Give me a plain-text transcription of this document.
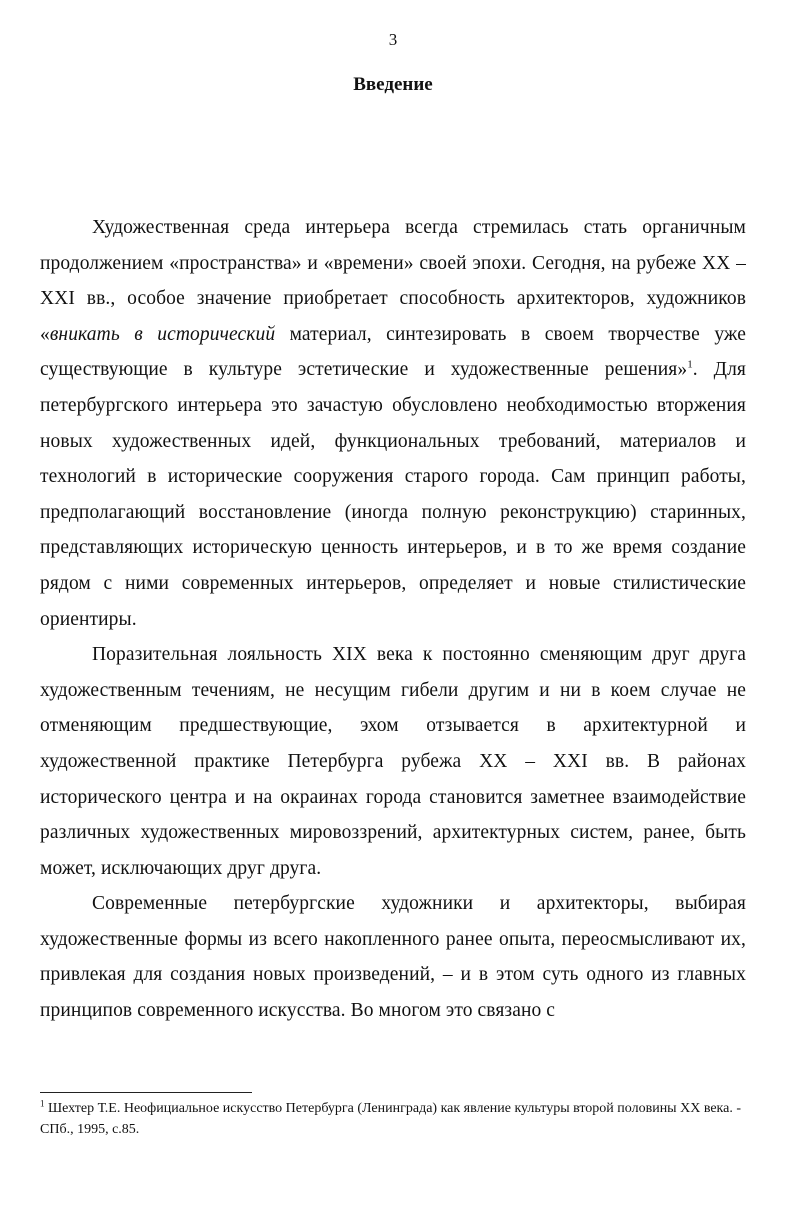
3
Введение

Художественная среда интерьера всегда стремилась стать органичным продолжением «пространства» и «времени» своей эпохи. Сегодня, на рубеже XX – XXI вв., особое значение приобретает способность архитекторов, художников «вникать в исторический материал, синтезировать в своем творчестве уже существующие в культуре эстетические и художественные решения»$^1$. Для петербургского интерьера это зачастую обусловлено необходимостью вторжения новых художественных идей, функциональных требований, материалов и технологий в исторические сооружения старого города. Сам принцип работы, предполагающий восстановление (иногда полную реконструкцию) старинных, представляющих историческую ценность интерьеров, и в то же время создание рядом с ними современных интерьеров, определяет и новые стилистические ориентиры.

Поразительная лояльность XIX века к постоянно сменяющим друг друга художественным течениям, не несущим гибели другим и ни в коем случае не отменяющим предшествующие, эхом отзывается в архитектурной и художественной практике Петербурга рубежа XX – XXI вв. В районах исторического центра и на окраинах города становится заметнее взаимодействие различных художественных мировоззрений, архитектурных систем, ранее, быть может, исключающих друг друга.

Современные петербургские художники и архитекторы, выбирая художественные формы из всего накопленного ранее опыта, переосмысливают их, привлекая для создания новых произведений, – и в этом суть одного из главных принципов современного искусства. Во многом это связано с

$^1$ Шехтер Т.Е. Неофициальное искусство Петербурга (Ленинграда) как явление культуры второй половины XX века. - СПб., 1995, с.85.
